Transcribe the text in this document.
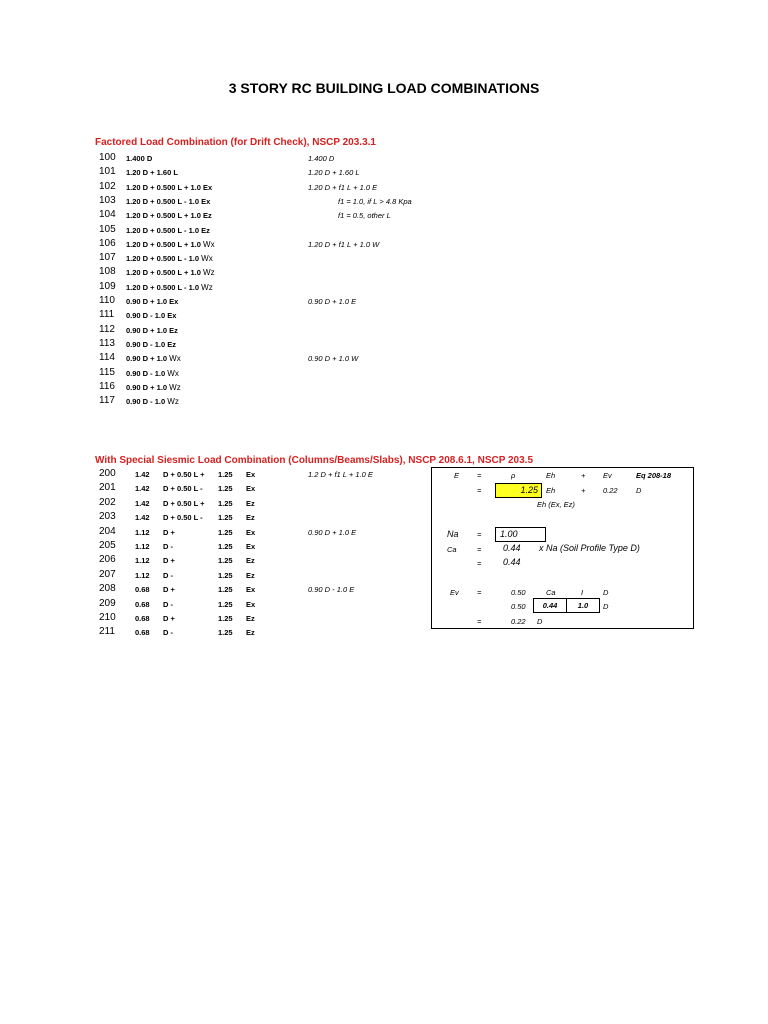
3 STORY RC BUILDING LOAD COMBINATIONS
Factored Load Combination (for Drift Check), NSCP 203.3.1
100 1.400 D	1.400 D
101 1.20 D + 1.60 L	1.20 D + 1.60 L
102 1.20 D + 0.500 L + 1.0 Ex	1.20 D + f1 L + 1.0 E
103 1.20 D + 0.500 L - 1.0 Ex	f1 = 1.0, if L > 4.8 Kpa
104 1.20 D + 0.500 L + 1.0 Ez	f1 = 0.5, other L
105 1.20 D + 0.500 L - 1.0 Ez
106 1.20 D + 0.500 L + 1.0 Wx	1.20 D + f1 L + 1.0 W
107 1.20 D + 0.500 L - 1.0 Wx
108 1.20 D + 0.500 L + 1.0 Wz
109 1.20 D + 0.500 L - 1.0 Wz
110 0.90 D + 1.0 Ex	0.90 D + 1.0 E
111 0.90 D - 1.0 Ex
112 0.90 D + 1.0 Ez
113 0.90 D - 1.0 Ez
114 0.90 D + 1.0 Wx	0.90 D + 1.0 W
115 0.90 D - 1.0 Wx
116 0.90 D + 1.0 Wz
117 0.90 D - 1.0 Wz
With Special Siesmic Load Combination (Columns/Beams/Slabs), NSCP 208.6.1, NSCP 203.5
200	1.42 D + 0.50 L + 1.25 Ex	1.2 D + f1 L + 1.0 E
201	1.42 D + 0.50 L - 1.25 Ex
202	1.42 D + 0.50 L + 1.25 Ez
203	1.42 D + 0.50 L - 1.25 Ez
204	1.12 D +	1.25 Ex	0.90 D + 1.0 E
205	1.12 D -	1.25 Ex
206	1.12 D +	1.25 Ez
207	1.12 D -	1.25 Ez
208	0.68 D +	1.25 Ex	0.90 D - 1.0 E
209	0.68 D -	1.25 Ex
210	0.68 D +	1.25 Ez
211	0.68 D -	1.25 Ez
E =	ρ	Eh	+ Ev	Eq 208-18
=	1.25	Eh	+ 0.22 D
Eh (Ex, Ez)
Na =	1.00
Ca	= 0.44 x Na (Soil Profile Type D)
= 0.44
Ev =	0.50	Ca	I	D
0.50	0.44	1.0	D
=	0.22 D
